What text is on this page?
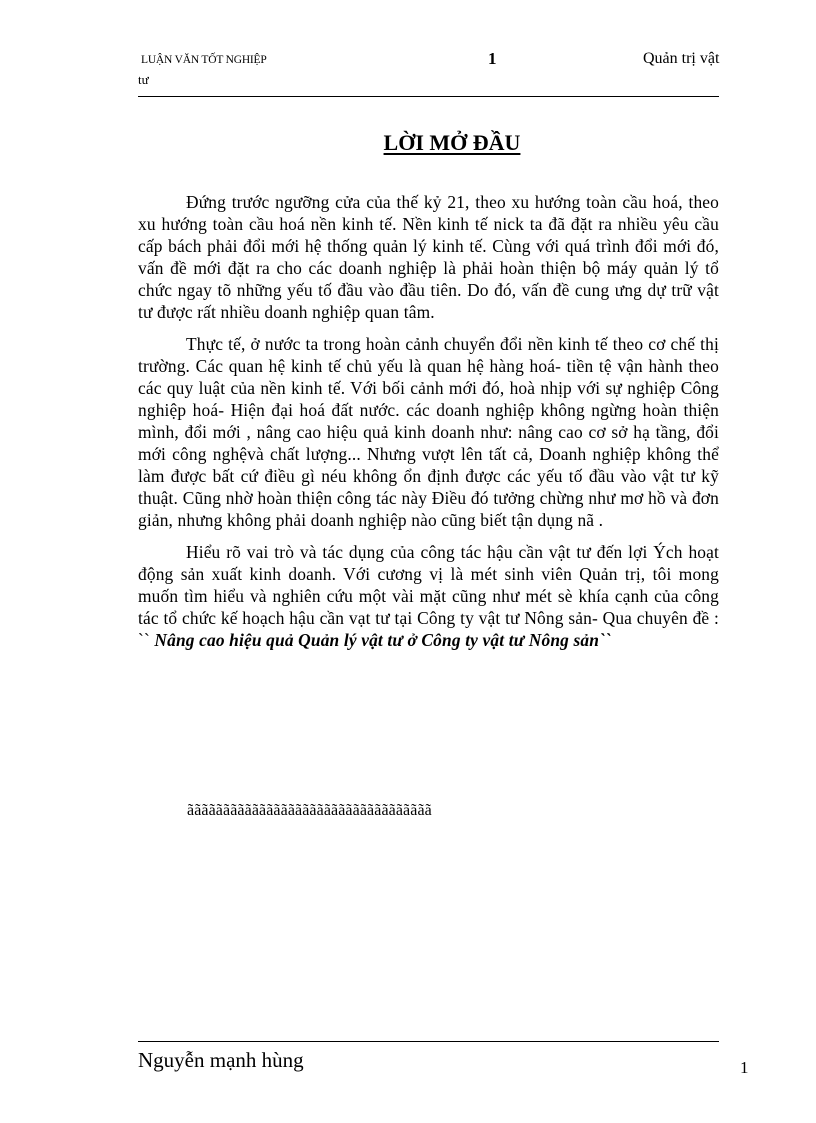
LUẬN VĂN TỐT NGHIỆP	1	Quản trị vật
tư
LỜI MỞ ĐẦU

Đứng trước ngưỡng cửa của thế kỷ 21, theo xu hướng toàn cầu hoá, theo xu hướng toàn cầu hoá nền kinh tế. Nền kinh tế nick ta đã đặt ra nhiều yêu cầu cấp bách phải đổi mới hệ thống quản lý kinh tế. Cùng với quá trình đổi mới đó, vấn đề mới đặt ra cho các doanh nghiệp là phải hoàn thiện bộ máy quản lý tổ chức ngay tõ những yếu tố đầu vào đầu tiên. Do đó, vấn đề cung ưng dự trữ vật tư được rất nhiều doanh nghiệp quan tâm.

Thực tế, ở nước ta trong hoàn cảnh chuyển đổi nền kinh tế theo cơ chế thị trường. Các quan hệ kinh tế chủ yếu là quan hệ hàng hoá- tiền tệ vận hành theo các quy luật của nền kinh tế. Với bối cảnh mới đó, hoà nhịp với sự nghiệp Công nghiệp hoá- Hiện đại hoá đất nước. các doanh nghiệp không ngừng hoàn thiện mình, đổi mới , nâng cao hiệu quả kinh doanh như: nâng cao cơ sở hạ tầng, đổi mới công nghệvà chất lượng... Nhưng vượt lên tất cả, Doanh nghiệp không thể làm được bất cứ điều gì néu không ổn định được các yếu tố đầu vào vật tư kỹ thuật. Cũng nhờ hoàn thiện công tác này Điều đó tưởng chừng như mơ hồ và đơn giản, nhưng không phải doanh nghiệp nào cũng biết tận dụng nã .

Hiểu rõ vai trò và tác dụng của công tác hậu cần vật tư đến lợi Ých hoạt động sản xuất kinh doanh. Với cương vị là mét sinh viên Quản trị, tôi mong muốn tìm hiểu và nghiên cứu một vài mặt cũng như mét sè khía cạnh của công tác tổ chức kế hoạch hậu cần vạt tư tại Công ty vật tư Nông sản- Qua chuyên đề : `` Nâng cao hiệu quả Quản lý vật tư ở Công ty vật tư Nông sản``

ãããããããããããããããããããããããããããããããããã
Nguyễn mạnh hùng	1
